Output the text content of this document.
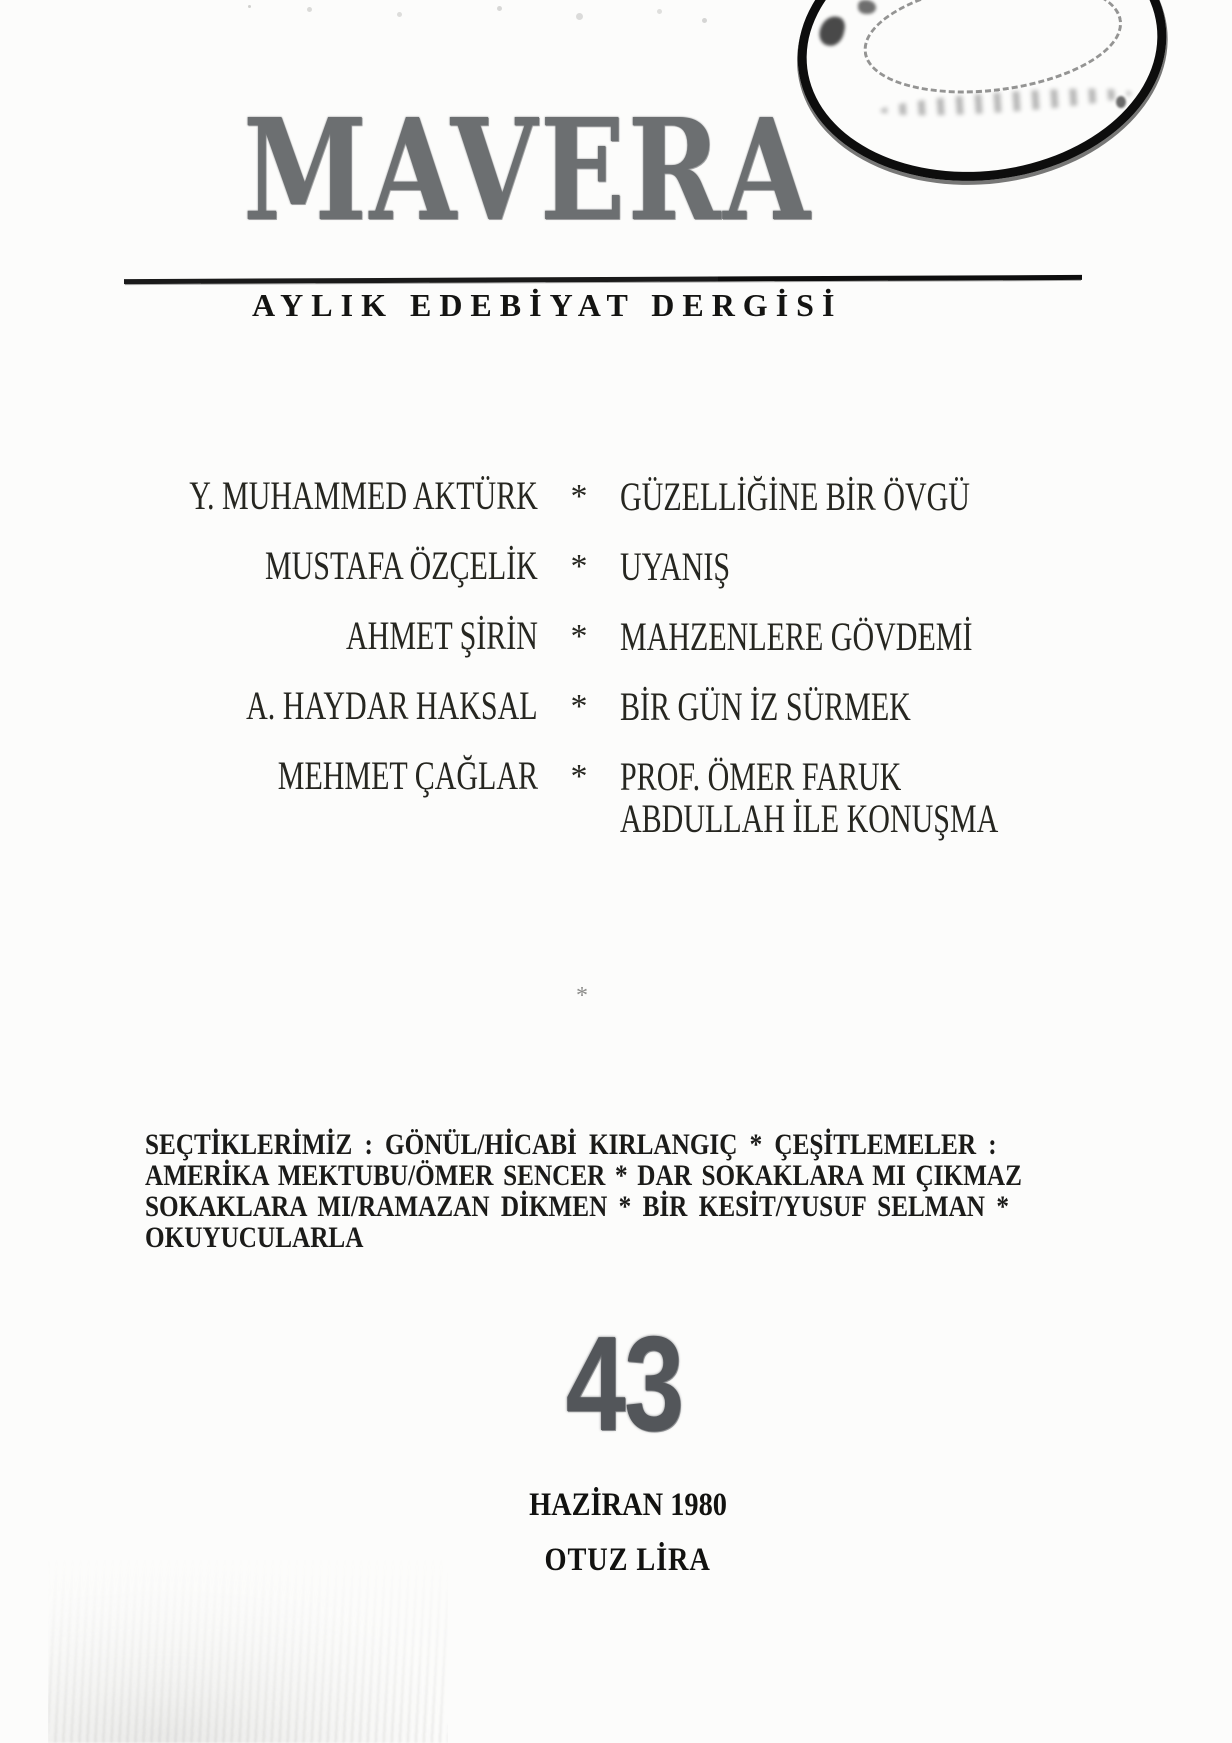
MAVERA
AYLIK EDEBİYAT DERGİSİ
Y. MUHAMMED AKTÜRK * GÜZELLİĞİNE BİR ÖVGÜ
MUSTAFA ÖZÇELİK * UYANIŞ
AHMET ŞİRİN * MAHZENLERE GÖVDEMİ
A. HAYDAR HAKSAL * BİR GÜN İZ SÜRMEK
MEHMET ÇAĞLAR * PROF. ÖMER FARUK
ABDULLAH İLE KONUŞMA
*
SEÇTİKLERİMİZ : GÖNÜL/HİCABİ KIRLANGIÇ * ÇEŞİTLEMELER :
AMERİKA MEKTUBU/ÖMER SENCER * DAR SOKAKLARA MI ÇIKMAZ
SOKAKLARA MI/RAMAZAN DİKMEN * BİR KESİT/YUSUF SELMAN *
OKUYUCULARLA
43
HAZİRAN 1980
OTUZ LİRA
